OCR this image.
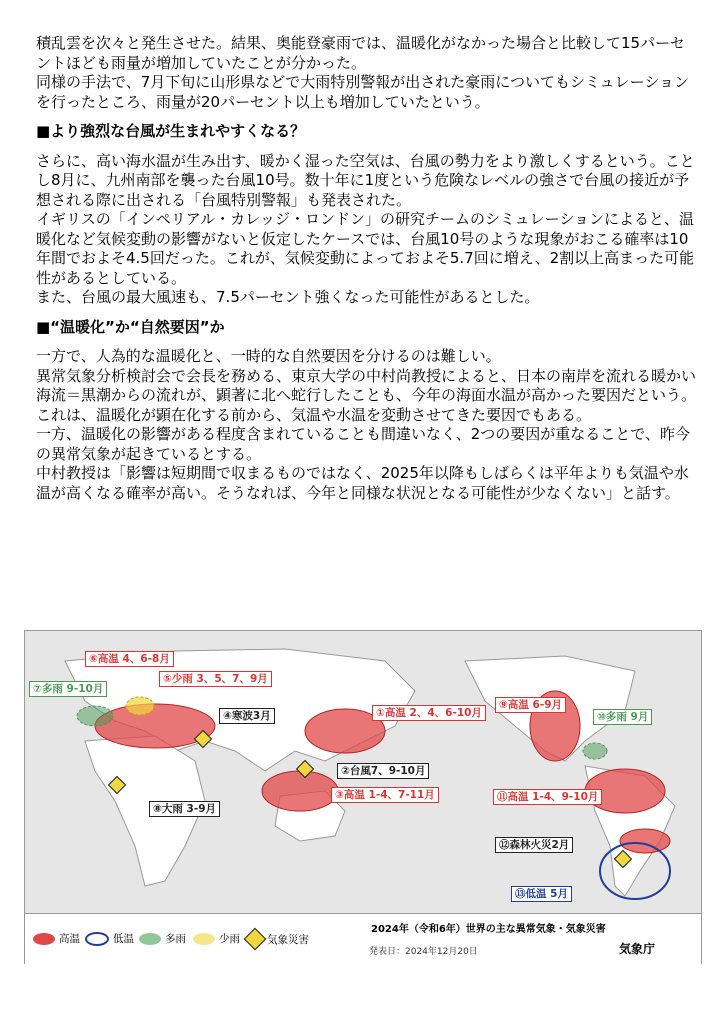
積乱雲を次々と発生させた。結果、奥能登豪雨では、温暖化がなかった場合と比較して15パーセントほども雨量が増加していたことが分かった。

同様の手法で、7月下旬に山形県などで大雨特別警報が出された豪雨についてもシミュレーションを行ったところ、雨量が20パーセント以上も増加していたという。

■より強烈な台風が生まれやすくなる？

さらに、高い海水温が生み出す、暖かく湿った空気は、台風の勢力をより激しくするという。ことし8月に、九州南部を襲った台風10号。数十年に1度という危険なレベルの強さで台風の接近が予想される際に出される「台風特別警報」も発表された。

イギリスの「インペリアル・カレッジ・ロンドン」の研究チームのシミュレーションによると、温暖化など気候変動の影響がないと仮定したケースでは、台風10号のような現象がおこる確率は10年間でおよそ4.5回だった。これが、気候変動によっておよそ5.7回に増え、2割以上高まった可能性があるとしている。

また、台風の最大風速も、7.5パーセント強くなった可能性があるとした。

■“温暖化”か“自然要因”か

一方で、人為的な温暖化と、一時的な自然要因を分けるのは難しい。

異常気象分析検討会で会長を務める、東京大学の中村尚教授によると、日本の南岸を流れる暖かい海流＝黒潮からの流れが、顕著に北へ蛇行したことも、今年の海面水温が高かった要因だという。これは、温暖化が顕在化する前から、気温や水温を変動させてきた要因でもある。

一方、温暖化の影響がある程度含まれていることも間違いなく、2つの要因が重なることで、昨今の異常気象が起きているとする。

中村教授は「影響は短期間で収まるものではなく、2025年以降もしばらくは平年よりも気温や水温が高くなる確率が高い。そうなれば、今年と同様な状況となる可能性が少なくない」と話す。

①高温 2、4、6-10月
②台風7、9-10月
③高温 1-4、7-11月
④寒波3月
⑤少雨 3、5、7、9月
⑥高温 4、6-8月
⑦多雨 9-10月
⑧大雨 3-9月
⑨高温 6-9月
⑩多雨 9月
⑪高温 1-4、9-10月
⑫森林火災2月
⑬低温 5月
高温	低温	多雨	少雨	気象災害
2024年（令和6年）世界の主な異常気象・気象災害
発表日：2024年12月20日	気象庁
